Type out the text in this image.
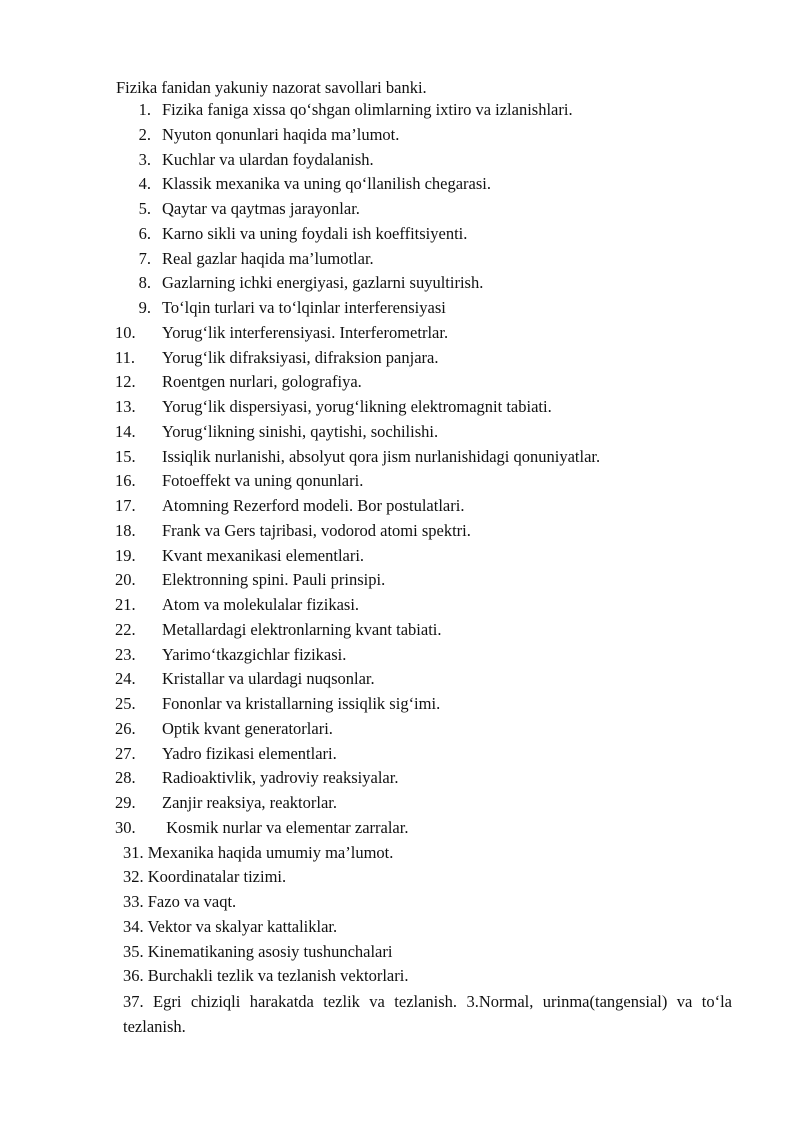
Fizika fanidan yakuniy nazorat savollari banki.
1. Fizika faniga xissa qo‘shgan olimlarning ixtiro va izlanishlari.
2. Nyuton qonunlari haqida ma’lumot.
3. Kuchlar va ulardan foydalanish.
4. Klassik mexanika va uning qo‘llanilish chegarasi.
5. Qaytar va qaytmas jarayonlar.
6. Karno sikli va uning foydali ish koeffitsiyenti.
7. Real gazlar haqida ma’lumotlar.
8. Gazlarning ichki energiyasi, gazlarni suyultirish.
9. To‘lqin turlari va to‘lqinlar interferensiyasi
10. Yorug‘lik interferensiyasi. Interferometrlar.
11. Yorug‘lik difraksiyasi, difraksion panjara.
12. Roentgen nurlari, golografiya.
13. Yorug‘lik dispersiyasi, yorug‘likning elektromagnit tabiati.
14. Yorug‘likning sinishi, qaytishi, sochilishi.
15. Issiqlik nurlanishi, absolyut qora jism nurlanishidagi qonuniyatlar.
16. Fotoeffekt va uning qonunlari.
17. Atomning Rezerford modeli. Bor postulatlari.
18. Frank va Gers tajribasi, vodorod atomi spektri.
19. Kvant mexanikasi elementlari.
20. Elektronning spini. Pauli prinsipi.
21. Atom va molekulalar fizikasi.
22. Metallardagi elektronlarning kvant tabiati.
23. Yarimo‘tkazgichlar fizikasi.
24. Kristallar va ulardagi nuqsonlar.
25. Fononlar va kristallarning issiqlik sig‘imi.
26. Optik kvant generatorlari.
27. Yadro fizikasi elementlari.
28. Radioaktivlik, yadroviy reaksiyalar.
29. Zanjir reaksiya, reaktorlar.
30. Kosmik nurlar va elementar zarralar.
31. Mexanika haqida umumiy ma’lumot.
32. Koordinatalar tizimi.
33. Fazo va vaqt.
34. Vektor va skalyar kattaliklar.
35. Kinematikaning asosiy tushunchalari
36. Burchakli tezlik va tezlanish vektorlari.
37. Egri chiziqli harakatda tezlik va tezlanish. 3.Normal, urinma(tangensial) va to‘la tezlanish.
